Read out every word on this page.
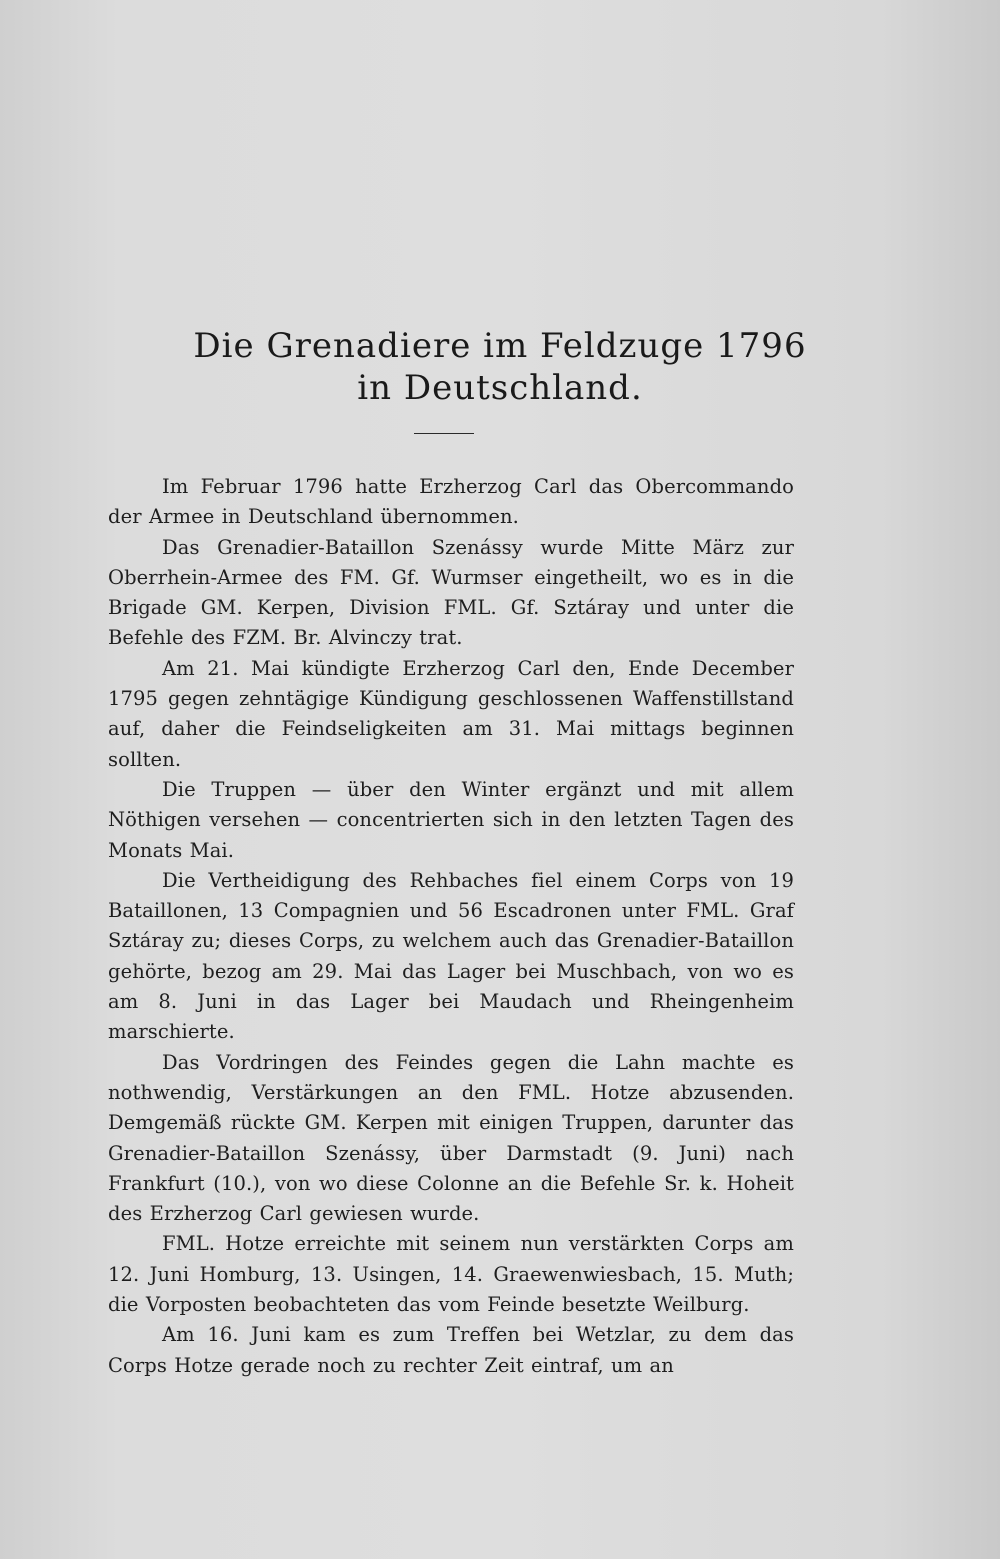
Die Grenadiere im Feldzuge 1796
in Deutschland.

Im Februar 1796 hatte Erzherzog Carl das Obercommando der Armee in Deutschland übernommen.

Das Grenadier-Bataillon Szenássy wurde Mitte März zur Oberrhein-Armee des FM. Gf. Wurmser eingetheilt, wo es in die Brigade GM. Kerpen, Division FML. Gf. Sztáray und unter die Befehle des FZM. Br. Alvinczy trat.

Am 21. Mai kündigte Erzherzog Carl den, Ende December 1795 gegen zehntägige Kündigung geschlossenen Waffenstillstand auf, daher die Feindseligkeiten am 31. Mai mittags beginnen sollten.

Die Truppen — über den Winter ergänzt und mit allem Nöthigen versehen — concentrierten sich in den letzten Tagen des Monats Mai.

Die Vertheidigung des Rehbaches fiel einem Corps von 19 Bataillonen, 13 Compagnien und 56 Escadronen unter FML. Graf Sztáray zu; dieses Corps, zu welchem auch das Grenadier-Bataillon gehörte, bezog am 29. Mai das Lager bei Muschbach, von wo es am 8. Juni in das Lager bei Maudach und Rheingenheim marschierte.

Das Vordringen des Feindes gegen die Lahn machte es nothwendig, Verstärkungen an den FML. Hotze abzusenden. Demgemäß rückte GM. Kerpen mit einigen Truppen, darunter das Grenadier-Bataillon Szenássy, über Darmstadt (9. Juni) nach Frankfurt (10.), von wo diese Colonne an die Befehle Sr. k. Hoheit des Erzherzog Carl gewiesen wurde.

FML. Hotze erreichte mit seinem nun verstärkten Corps am 12. Juni Homburg, 13. Usingen, 14. Graewenwiesbach, 15. Muth; die Vorposten beobachteten das vom Feinde besetzte Weilburg.

Am 16. Juni kam es zum Treffen bei Wetzlar, zu dem das Corps Hotze gerade noch zu rechter Zeit eintraf, um an
